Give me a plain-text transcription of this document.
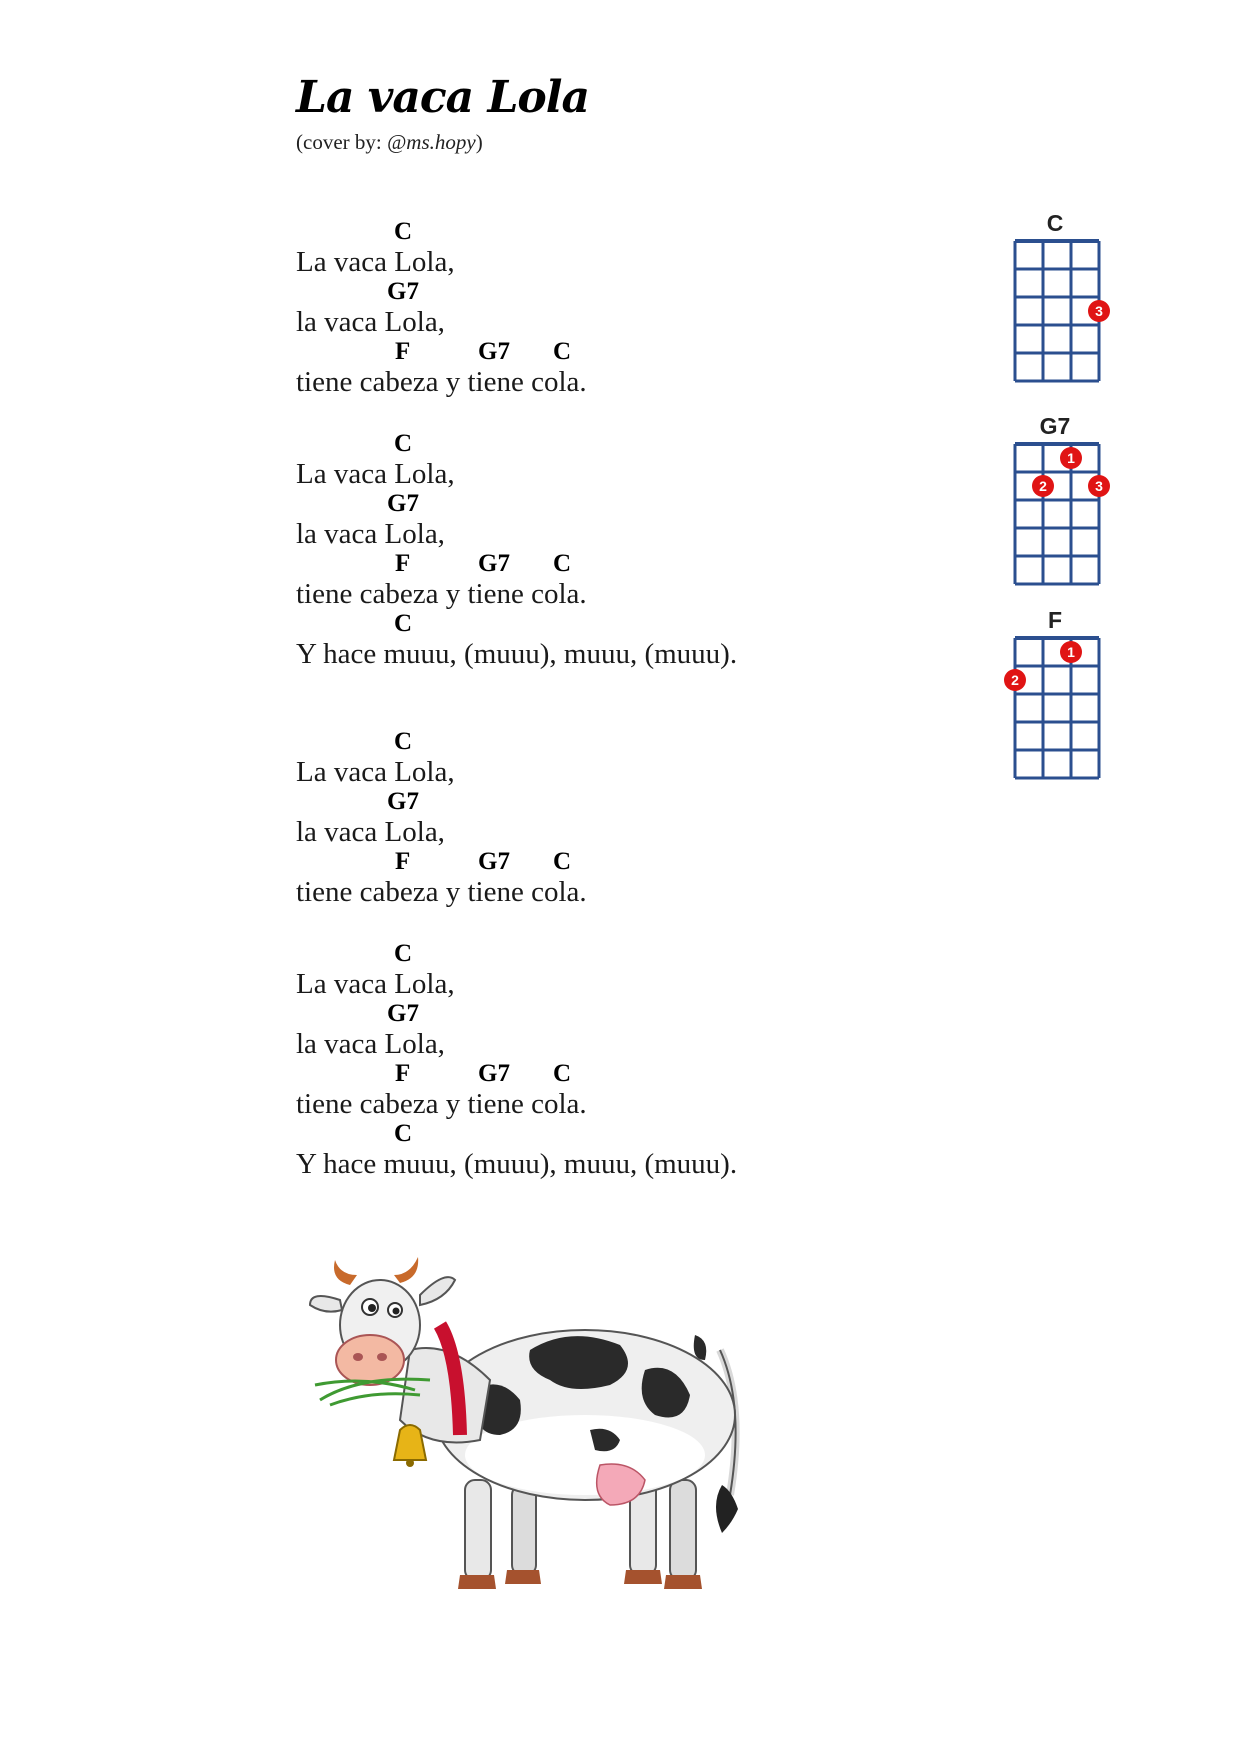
La vaca Lola
(cover by: @ms.hopy)
C
La vaca Lola,
G7
la vaca Lola,
F	G7 C
tiene cabeza y tiene cola.
C
La vaca Lola,
G7
la vaca Lola,
F	G7 C
tiene cabeza y tiene cola.
C
Y hace muuu, (muuu), muuu, (muuu).
C
La vaca Lola,
G7
la vaca Lola,
F	G7 C
tiene cabeza y tiene cola.
C
La vaca Lola,
G7
la vaca Lola,
F	G7 C
tiene cabeza y tiene cola.
C
Y hace muuu, (muuu), muuu, (muuu).
C
3
G7
1
2	3
F
1
2
